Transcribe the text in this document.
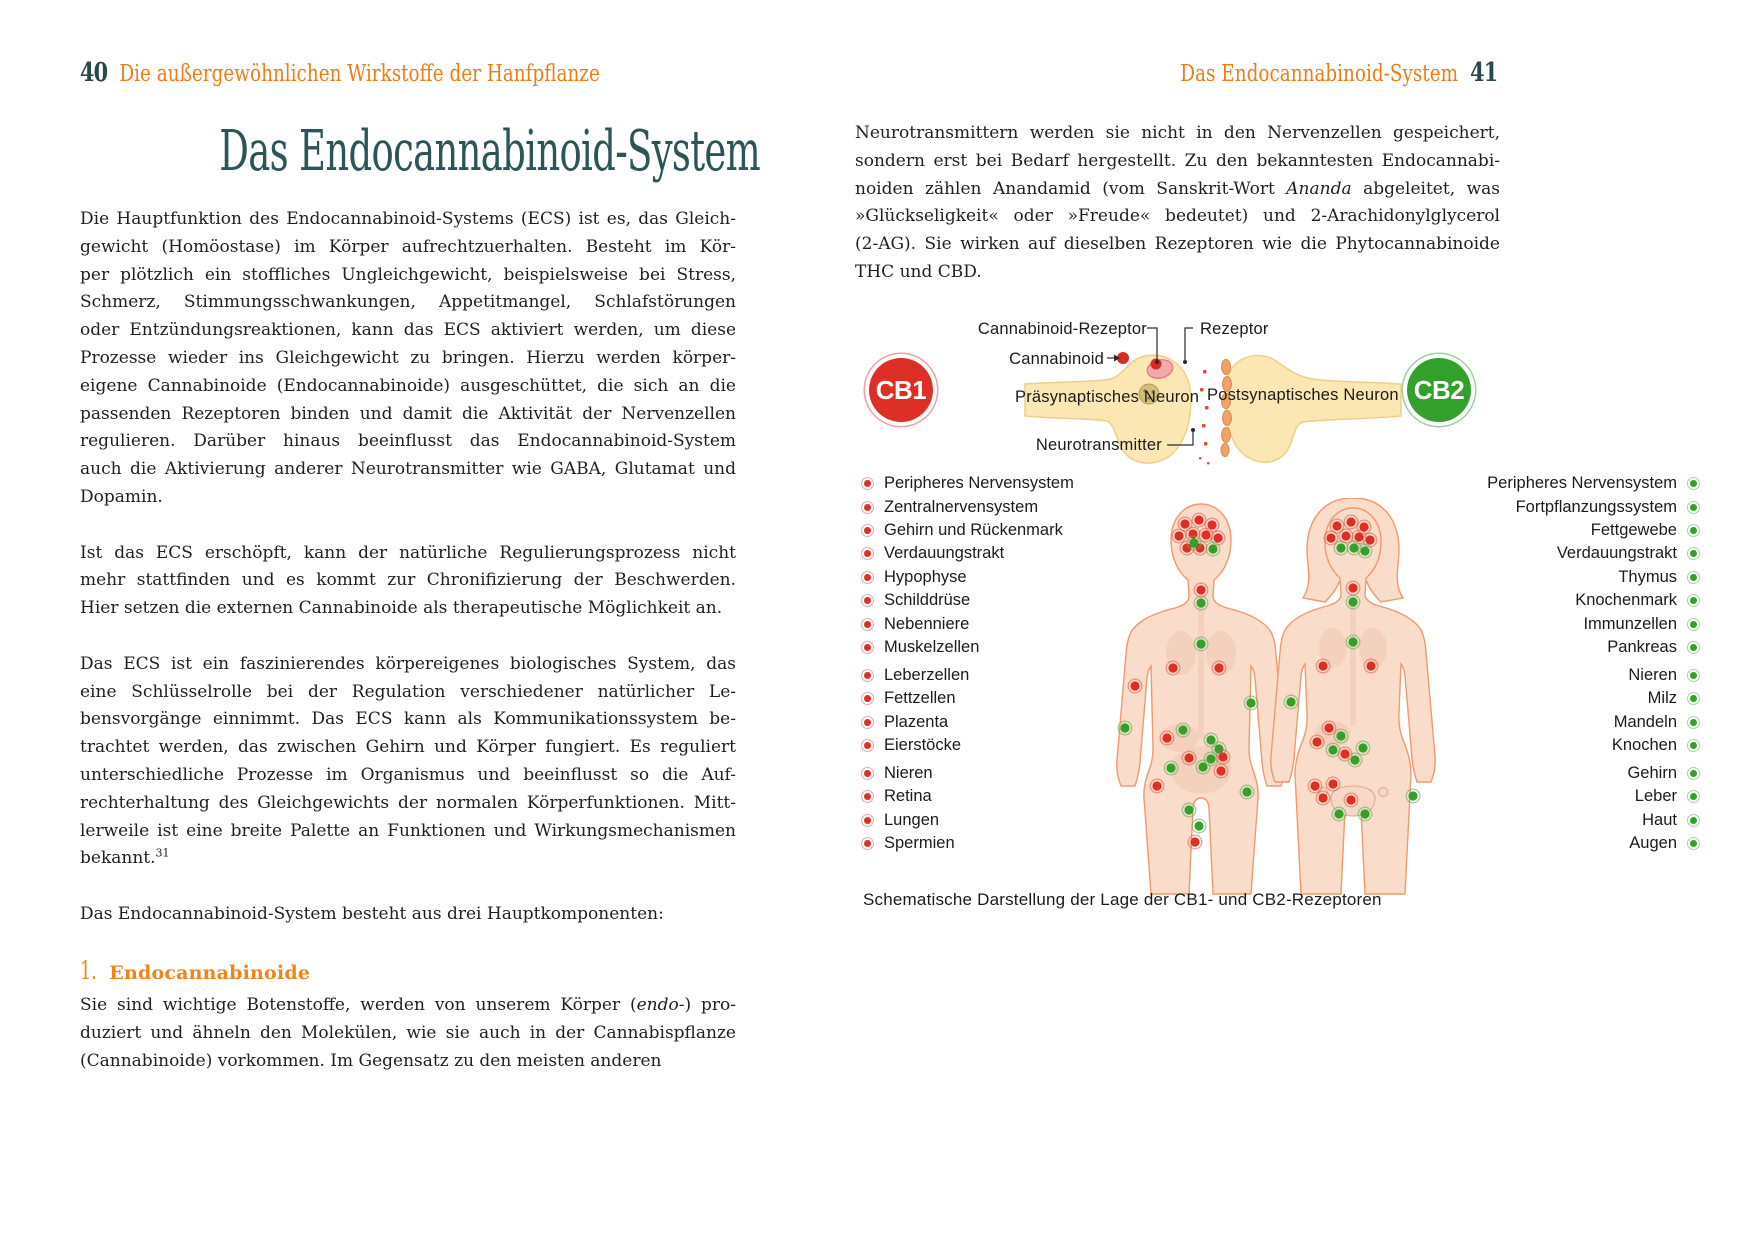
40 Die außergewöhnlichen Wirkstoffe der Hanfpflanze	Das Endocannabinoid-System 41
Das Endocannabinoid-System
Die Hauptfunktion des Endocannabinoid-Systems (ECS) ist es, das Gleich-
gewicht (Homöostase) im Körper aufrechtzuerhalten. Besteht im Kör-
per plötzlich ein stoffliches Ungleichgewicht, beispielsweise bei Stress,
Schmerz, Stimmungsschwankungen, Appetitmangel, Schlafstörungen
oder Entzündungsreaktionen, kann das ECS aktiviert werden, um diese
Prozesse wieder ins Gleichgewicht zu bringen. Hierzu werden körper-
eigene Cannabinoide (Endocannabinoide) ausgeschüttet, die sich an die
passenden Rezeptoren binden und damit die Aktivität der Nervenzellen
regulieren. Darüber hinaus beeinflusst das Endocannabinoid-System
auch die Aktivierung anderer Neurotransmitter wie GABA, Glutamat und
Dopamin.
Ist das ECS erschöpft, kann der natürliche Regulierungsprozess nicht
mehr stattfinden und es kommt zur Chronifizierung der Beschwerden.
Hier setzen die externen Cannabinoide als therapeutische Möglichkeit an.
Das ECS ist ein faszinierendes körpereigenes biologisches System, das
eine Schlüsselrolle bei der Regulation verschiedener natürlicher Le-
bensvorgänge einnimmt. Das ECS kann als Kommunikationssystem be-
trachtet werden, das zwischen Gehirn und Körper fungiert. Es reguliert
unterschiedliche Prozesse im Organismus und beeinflusst so die Auf-
rechterhaltung des Gleichgewichts der normalen Körperfunktionen. Mitt-
lerweile ist eine breite Palette an Funktionen und Wirkungsmechanismen
bekannt.$^{31}$
Das Endocannabinoid-System besteht aus drei Hauptkomponenten:
1. Endocannabinoide
Sie sind wichtige Botenstoffe, werden von unserem Körper (endo-) pro-
duziert und ähneln den Molekülen, wie sie auch in der Cannabispflanze
(Cannabinoide) vorkommen. Im Gegensatz zu den meisten anderen
Neurotransmittern werden sie nicht in den Nervenzellen gespeichert,
sondern erst bei Bedarf hergestellt. Zu den bekanntesten Endocannabi-
noiden zählen Anandamid (vom Sanskrit-Wort Ananda abgeleitet, was
»Glückseligkeit« oder »Freude« bedeutet) und 2-Arachidonylglycerol
(2-AG). Sie wirken auf dieselben Rezeptoren wie die Phytocannabinoide
THC und CBD.
Cannabinoid-Rezeptor	Rezeptor
Cannabinoid
Präsynaptisches Neuron Postsynaptisches Neuron
Neurotransmitter
CB1	CB2
Peripheres Nervensystem
Zentralnervensystem
Gehirn und Rückenmark
Verdauungstrakt
Hypophyse
Schilddrüse
Nebenniere
Muskelzellen
Leberzellen
Fettzellen
Plazenta
Eierstöcke
Nieren
Retina
Lungen
Spermien
Peripheres Nervensystem
Fortpflanzungssystem
Fettgewebe
Verdauungstrakt
Thymus
Knochenmark
Immunzellen
Pankreas
Nieren
Milz
Mandeln
Knochen
Gehirn
Leber
Haut
Augen
Schematische Darstellung der Lage der CB1- und CB2-Rezeptoren
